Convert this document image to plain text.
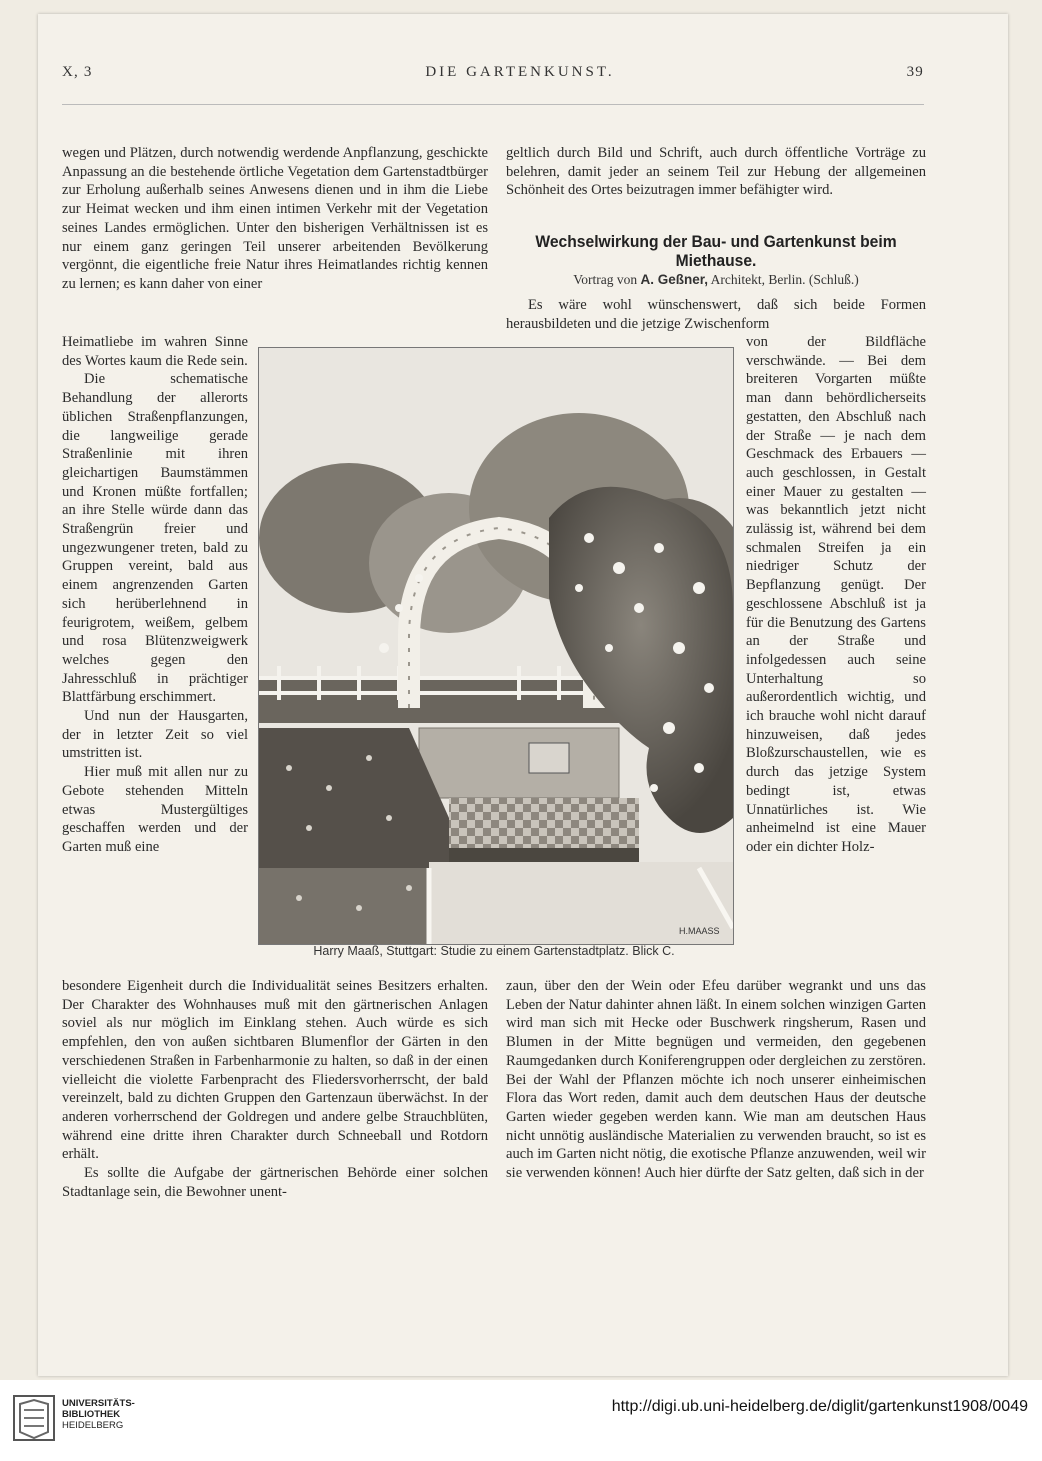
X, 3	DIE GARTENKUNST.	39

wegen und Plätzen, durch notwendig werdende Anpflanzung, geschickte Anpassung an die bestehende örtliche Vegetation dem Gartenstadtbürger zur Erholung außerhalb seines Anwesens dienen und in ihm die Liebe zur Heimat wecken und ihm einen intimen Verkehr mit der Vegetation seines Landes ermöglichen. Unter den bisherigen Verhältnissen ist es nur einem ganz geringen Teil unserer arbeitenden Bevölkerung vergönnt, die eigentliche freie Natur ihres Heimatlandes richtig kennen zu lernen; es kann daher von einer

Heimatliebe im wahren Sinne des Wortes kaum die Rede sein.

Die schematische Behandlung der allerorts üblichen Straßenpflanzungen, die langweilige gerade Straßenlinie mit ihren gleichartigen Baumstämmen und Kronen müßte fortfallen; an ihre Stelle würde dann das Straßengrün freier und ungezwungener treten, bald zu Gruppen vereint, bald aus einem angrenzenden Garten sich herüberlehnend in feurigrotem, weißem, gelbem und rosa Blütenzweigwerk welches gegen den Jahresschluß in prächtiger Blattfärbung erschimmert.

Und nun der Hausgarten, der in letzter Zeit so viel umstritten ist.

Hier muß mit allen nur zu Gebote stehenden Mitteln etwas Mustergültiges geschaffen werden und der Garten muß eine

besondere Eigenheit durch die Individualität seines Besitzers erhalten. Der Charakter des Wohnhauses muß mit den gärtnerischen Anlagen soviel als nur möglich im Einklang stehen. Auch würde es sich empfehlen, den von außen sichtbaren Blumenflor der Gärten in den verschiedenen Straßen in Farbenharmonie zu halten, so daß in der einen vielleicht die violette Farbenpracht des Fliedersvorherrscht, der bald vereinzelt, bald zu dichten Gruppen den Gartenzaun überwächst. In der anderen vorherrschend der Goldregen und andere gelbe Strauchblüten, während eine dritte ihren Charakter durch Schneeball und Rotdorn erhält.

Es sollte die Aufgabe der gärtnerischen Behörde einer solchen Stadtanlage sein, die Bewohner unent-

geltlich durch Bild und Schrift, auch durch öffentliche Vorträge zu belehren, damit jeder an seinem Teil zur Hebung der allgemeinen Schönheit des Ortes beizutragen immer befähigter wird.

Wechselwirkung der Bau- und Gartenkunst beim Miethause.
Vortrag von A. Geßner, Architekt, Berlin. (Schluß.)

Es wäre wohl wünschenswert, daß sich beide Formen herausbildeten und die jetzige Zwischenform

von der Bildfläche verschwände. — Bei dem breiteren Vorgarten müßte man dann behördlicherseits gestatten, den Abschluß nach der Straße — je nach dem Geschmack des Erbauers — auch geschlossen, in Gestalt einer Mauer zu gestalten — was bekanntlich jetzt nicht zulässig ist, während bei dem schmalen Streifen ja ein niedriger Schutz der Bepflanzung genügt. Der geschlossene Abschluß ist ja für die Benutzung des Gartens an der Straße und infolgedessen auch seine Unterhaltung so außerordentlich wichtig, und ich brauche wohl nicht darauf hinzuweisen, daß jedes Bloßzurschaustellen, wie es durch das jetzige System bedingt ist, etwas Unnatürliches ist. Wie anheimelnd ist eine Mauer oder ein dichter Holz-

zaun, über den der Wein oder Efeu darüber wegrankt und uns das Leben der Natur dahinter ahnen läßt. In einem solchen winzigen Garten wird man sich mit Hecke oder Buschwerk ringsherum, Rasen und Blumen in der Mitte begnügen und vermeiden, den gegebenen Raumgedanken durch Koniferengruppen oder dergleichen zu zerstören. Bei der Wahl der Pflanzen möchte ich noch unserer einheimischen Flora das Wort reden, damit auch dem deutschen Haus der deutsche Garten wieder gegeben werden kann. Wie man am deutschen Haus nicht unnötig ausländische Materialien zu verwenden braucht, so ist es auch im Garten nicht nötig, die exotische Pflanze anzuwenden, weil wir sie verwenden können! Auch hier dürfte der Satz gelten, daß sich in der

H.MAASS
Harry Maaß, Stuttgart: Studie zu einem Gartenstadtplatz. Blick C.
UNIVERSITÄTS-
BIBLIOTHEK
HEIDELBERG
http://digi.ub.uni-heidelberg.de/diglit/gartenkunst1908/0049
